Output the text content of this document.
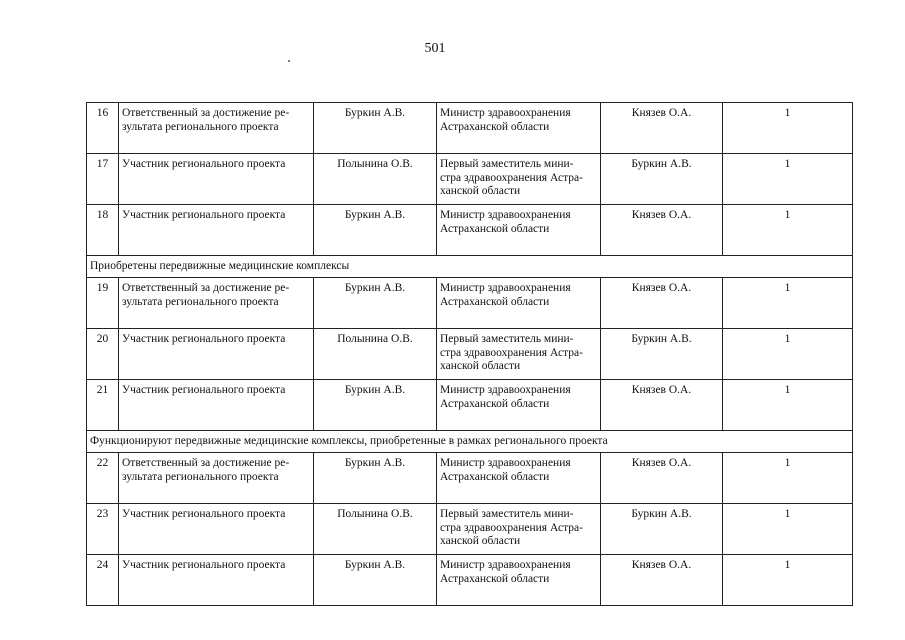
501
16	Ответственный за достижение ре-
зультата регионального проекта	Буркин А.В.	Министр здравоохранения
Астраханской области	Князев О.А.	1
17	Участник регионального проекта	Полынина О.В.	Первый заместитель мини-
стра здравоохранения Астра-
ханской области	Буркин А.В.	1
18	Участник регионального проекта	Буркин А.В.	Министр здравоохранения
Астраханской области	Князев О.А.	1
Приобретены передвижные медицинские комплексы					
19	Ответственный за достижение ре-
зультата регионального проекта	Буркин А.В.	Министр здравоохранения
Астраханской области	Князев О.А.	1
20	Участник регионального проекта	Полынина О.В.	Первый заместитель мини-
стра здравоохранения Астра-
ханской области	Буркин А.В.	1
21	Участник регионального проекта	Буркин А.В.	Министр здравоохранения
Астраханской области	Князев О.А.	1
Функционируют передвижные медицинские комплексы, приобретенные в рамках регионального проекта					
22	Ответственный за достижение ре-
зультата регионального проекта	Буркин А.В.	Министр здравоохранения
Астраханской области	Князев О.А.	1
23	Участник регионального проекта	Полынина О.В.	Первый заместитель мини-
стра здравоохранения Астра-
ханской области	Буркин А.В.	1
24	Участник регионального проекта	Буркин А.В.	Министр здравоохранения
Астраханской области	Князев О.А.	1
